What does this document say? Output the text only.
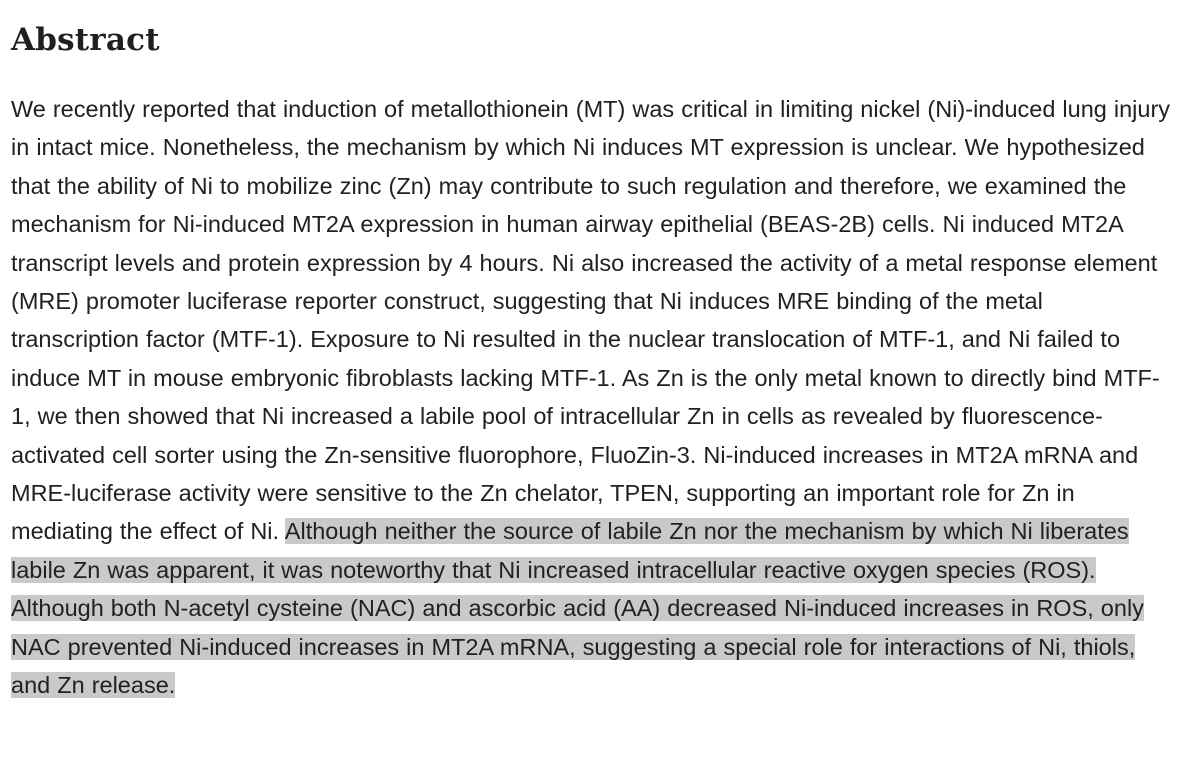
Abstract

We recently reported that induction of metallothionein (MT) was critical in limiting nickel (Ni)-induced lung injury in intact mice. Nonetheless, the mechanism by which Ni induces MT expression is unclear. We hypothesized that the ability of Ni to mobilize zinc (Zn) may contribute to such regulation and therefore, we examined the mechanism for Ni-induced MT2A expression in human airway epithelial (BEAS-2B) cells. Ni induced MT2A transcript levels and protein expression by 4 hours. Ni also increased the activity of a metal response element (MRE) promoter luciferase reporter construct, suggesting that Ni induces MRE binding of the metal transcription factor (MTF-1). Exposure to Ni resulted in the nuclear translocation of MTF-1, and Ni failed to induce MT in mouse embryonic fibroblasts lacking MTF-1. As Zn is the only metal known to directly bind MTF-1, we then showed that Ni increased a labile pool of intracellular Zn in cells as revealed by fluorescence-activated cell sorter using the Zn-sensitive fluorophore, FluoZin-3. Ni-induced increases in MT2A mRNA and MRE-luciferase activity were sensitive to the Zn chelator, TPEN, supporting an important role for Zn in mediating the effect of Ni. Although neither the source of labile Zn nor the mechanism by which Ni liberates labile Zn was apparent, it was noteworthy that Ni increased intracellular reactive oxygen species (ROS). Although both N-acetyl cysteine (NAC) and ascorbic acid (AA) decreased Ni-induced increases in ROS, only NAC prevented Ni-induced increases in MT2A mRNA, suggesting a special role for interactions of Ni, thiols, and Zn release.
